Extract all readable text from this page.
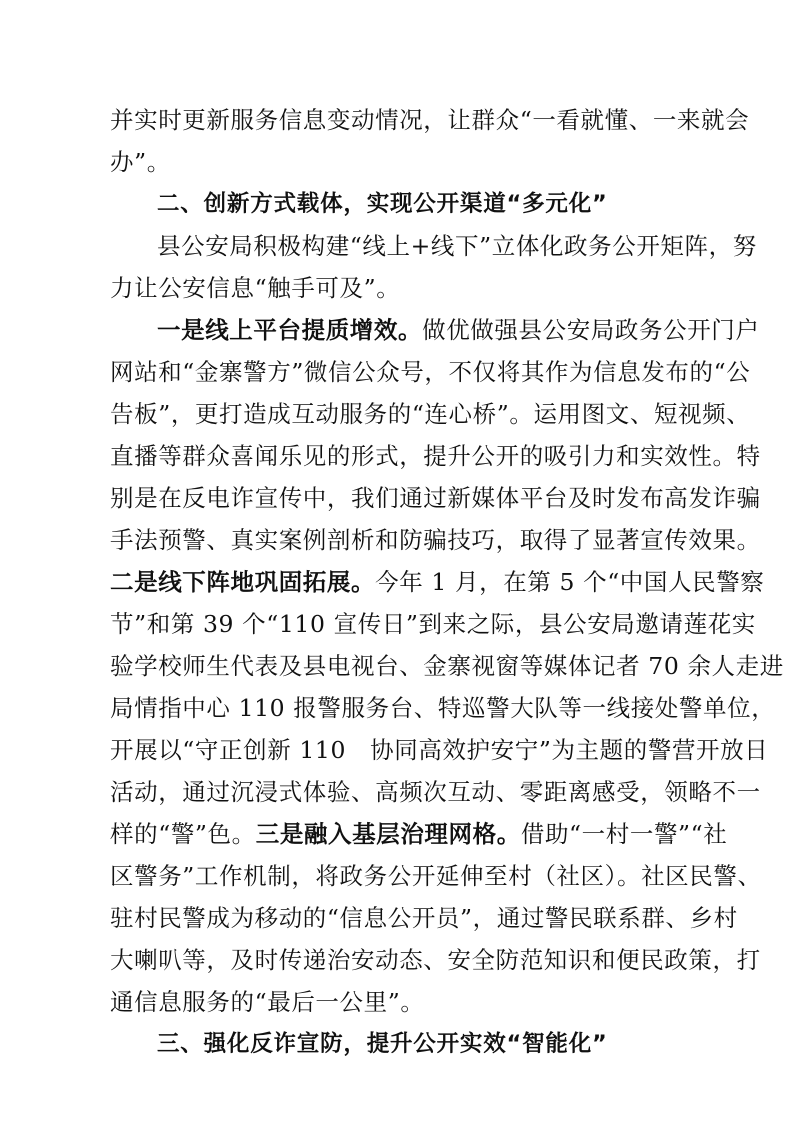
并实时更新服务信息变动情况，让群众“一看就懂、一来就会
办”。
二、创新方式载体，实现公开渠道“多元化”
县公安局积极构建“线上+线下”立体化政务公开矩阵，努
力让公安信息“触手可及”。
一是线上平台提质增效。做优做强县公安局政务公开门户
网站和“金寨警方”微信公众号，不仅将其作为信息发布的“公
告板”，更打造成互动服务的“连心桥”。运用图文、短视频、
直播等群众喜闻乐见的形式，提升公开的吸引力和实效性。特
别是在反电诈宣传中，我们通过新媒体平台及时发布高发诈骗
手法预警、真实案例剖析和防骗技巧，取得了显著宣传效果。
二是线下阵地巩固拓展。今年 1 月，在第 5 个“中国人民警察
节”和第 39 个“110 宣传日”到来之际，县公安局邀请莲花实
验学校师生代表及县电视台、金寨视窗等媒体记者 70 余人走进
局情指中心 110 报警服务台、特巡警大队等一线接处警单位，
开展以“守正创新 110　协同高效护安宁”为主题的警营开放日
活动，通过沉浸式体验、高频次互动、零距离感受，领略不一
样的“警”色。三是融入基层治理网格。借助“一村一警”“社
区警务”工作机制，将政务公开延伸至村（社区）。社区民警、
驻村民警成为移动的“信息公开员”，通过警民联系群、乡村
大喇叭等，及时传递治安动态、安全防范知识和便民政策，打
通信息服务的“最后一公里”。
三、强化反诈宣防，提升公开实效“智能化”
